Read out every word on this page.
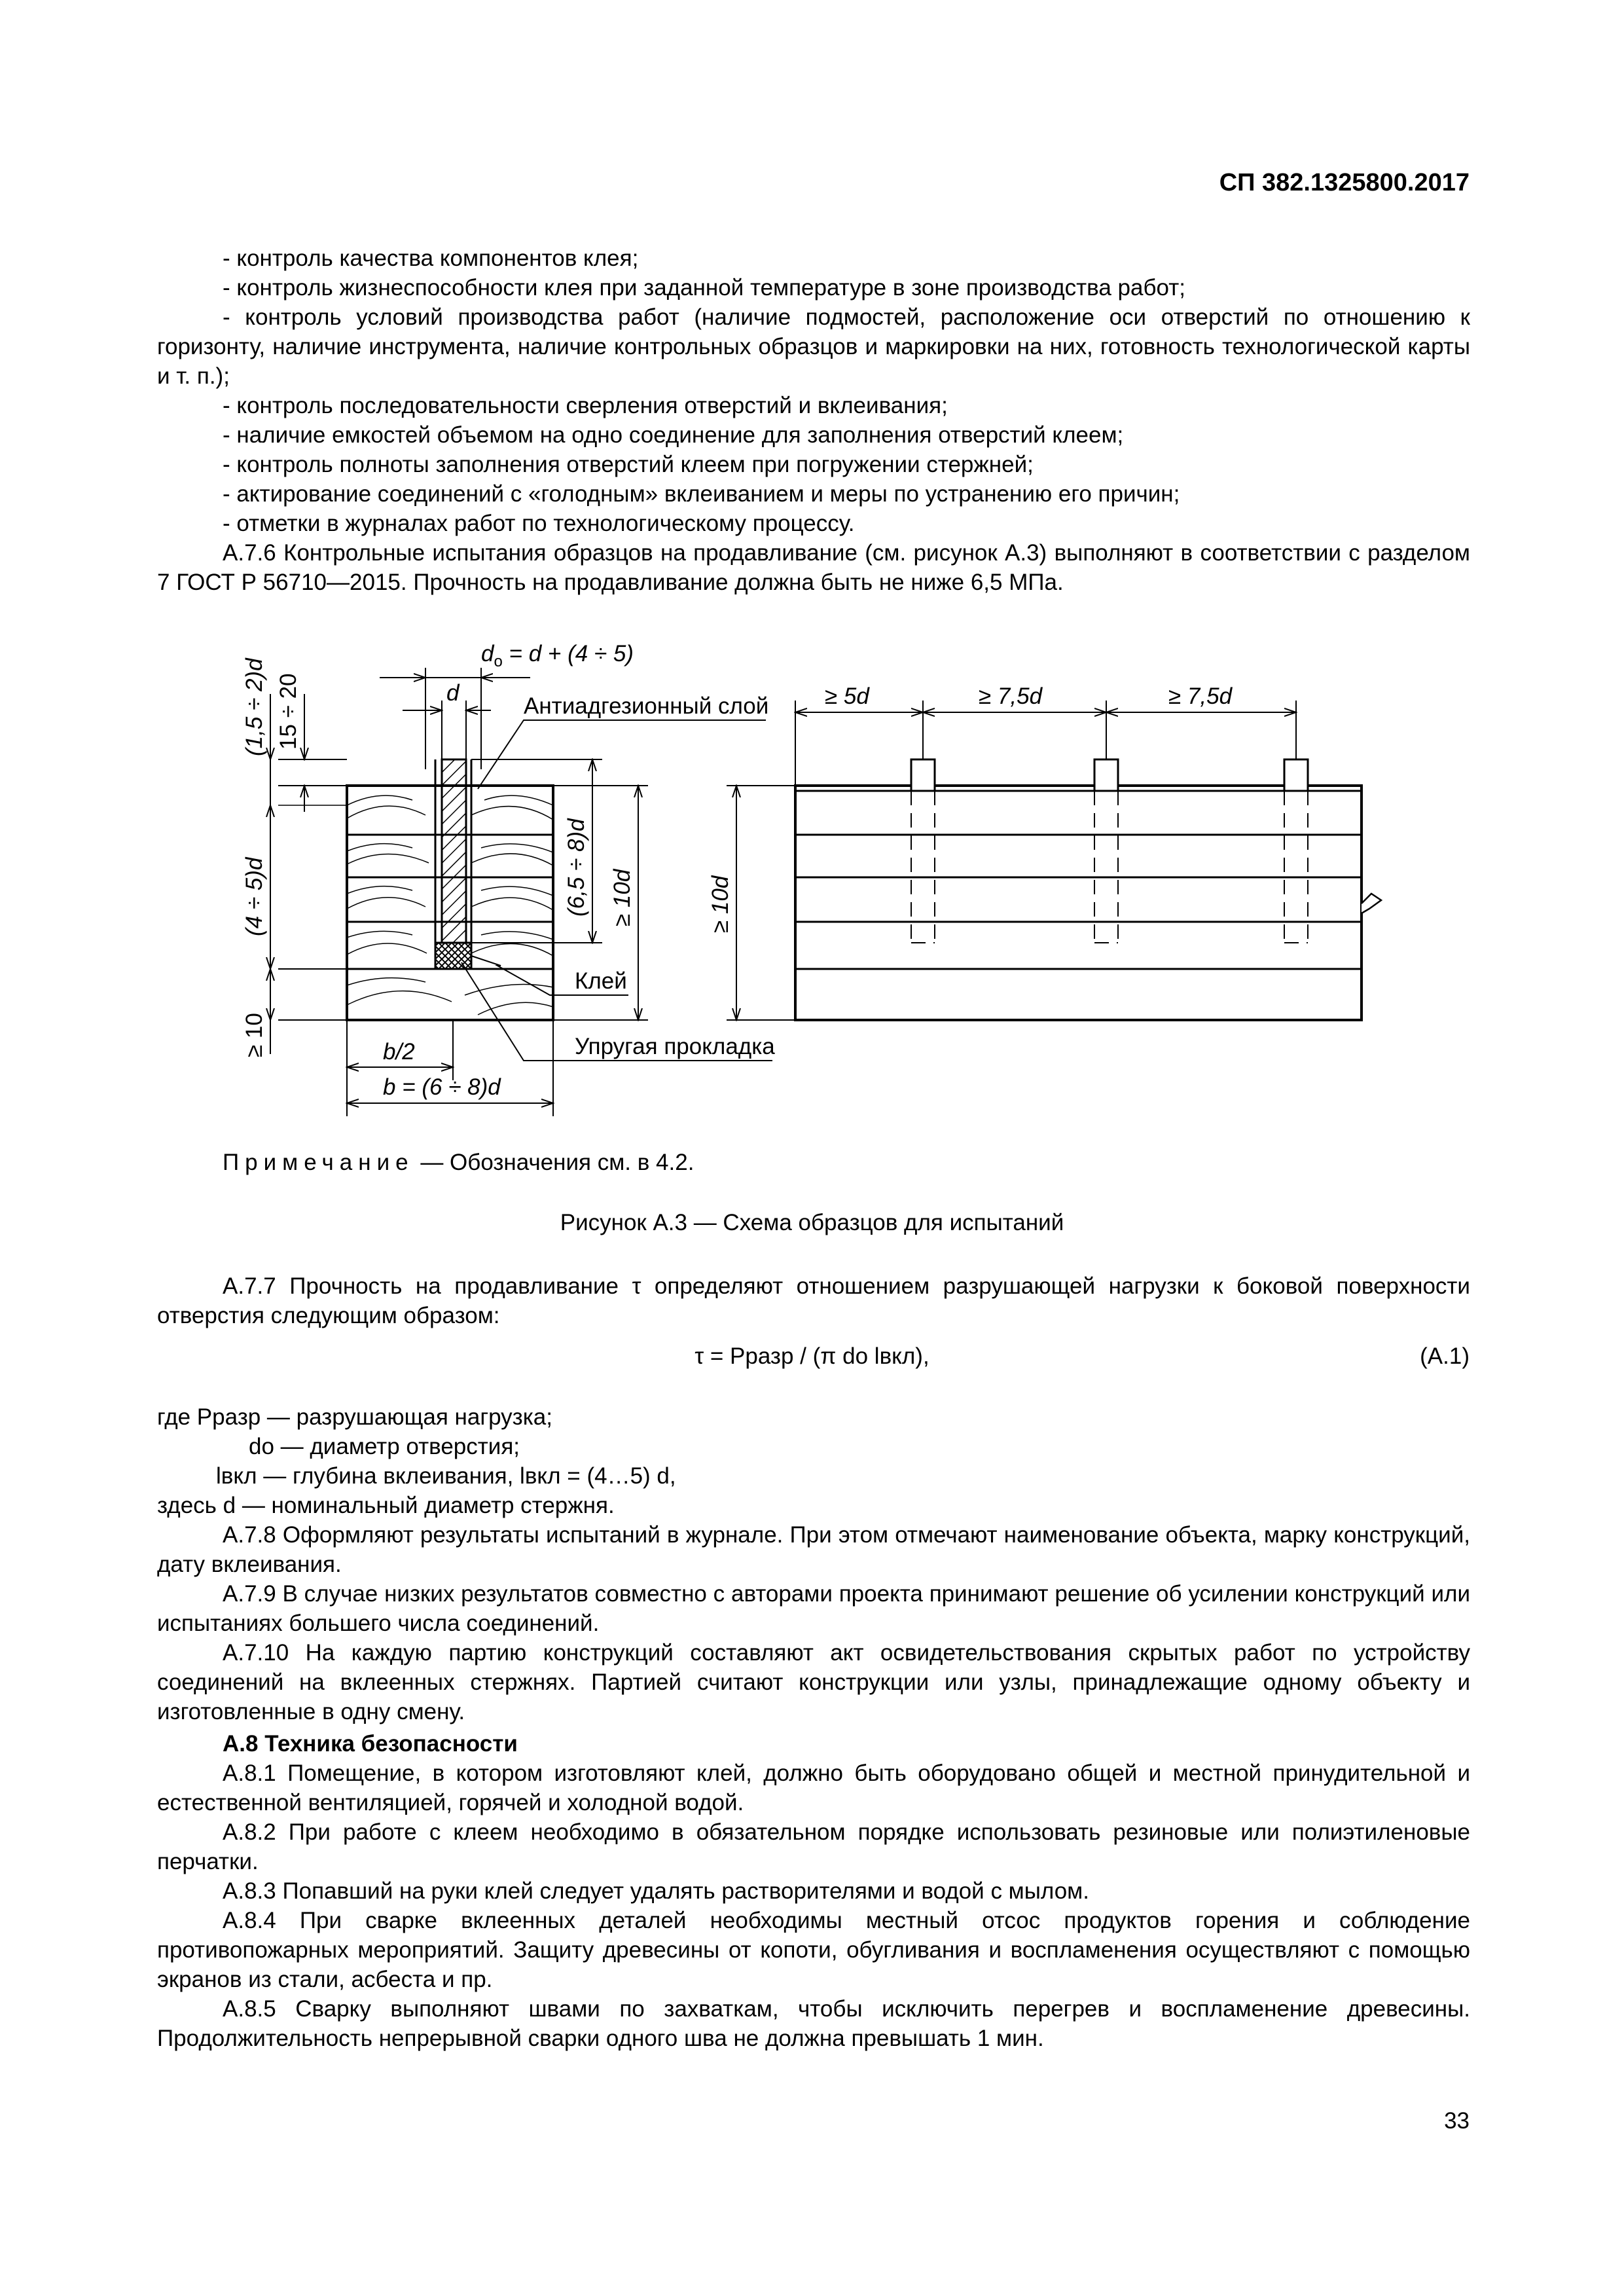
СП 382.1325800.2017

- контроль качества компонентов клея;

- контроль жизнеспособности клея при заданной температуре в зоне производства работ;

- контроль условий производства работ (наличие подмостей, расположение оси отверстий по отношению к горизонту, наличие инструмента, наличие контрольных образцов и маркировки на них, готовность технологической карты и т. п.);

- контроль последовательности сверления отверстий и вклеивания;

- наличие емкостей объемом на одно соединение для заполнения отверстий клеем;

- контроль полноты заполнения отверстий клеем при погружении стержней;

- актирование соединений с «голодным» вклеиванием и меры по устранению его причин;

- отметки в журналах работ по технологическому процессу.

А.7.6 Контрольные испытания образцов на продавливание (см. рисунок А.3) выполняют в соответствии с разделом 7 ГОСТ Р 56710—2015. Прочность на продавливание должна быть не ниже 6,5 МПа.

$d_o = d + (4 \div 5)$
d
Антиадгезионный слой
Клей
Упругая прокладка
b/2
b = (6 ÷ 8)d
(1,5 ÷ 2)d 15 ÷ 20
(4 ÷ 5)d
≥ 10
(6,5 ÷ 8)d ≥ 10d
≥ 5d	≥ 7,5d	≥ 7,5d
≥ 10d
Примечание — Обозначения см. в 4.2.
Рисунок А.3 — Схема образцов для испытаний

А.7.7 Прочность на продавливание τ определяют отношением разрушающей нагрузки к боковой поверхности отверстия следующим образом:

τ = Pразр / (π do lвкл),	(А.1)

где Pразр — разрушающая нагрузка;

do — диаметр отверстия;

lвкл — глубина вклеивания, lвкл = (4…5) d,

здесь d — номинальный диаметр стержня.

А.7.8 Оформляют результаты испытаний в журнале. При этом отмечают наименование объекта, марку конструкций, дату вклеивания.

А.7.9 В случае низких результатов совместно с авторами проекта принимают решение об усилении конструкций или испытаниях большего числа соединений.

А.7.10 На каждую партию конструкций составляют акт освидетельствования скрытых работ по устройству соединений на вклеенных стержнях. Партией считают конструкции или узлы, принадлежащие одному объекту и изготовленные в одну смену.

А.8 Техника безопасности

А.8.1 Помещение, в котором изготовляют клей, должно быть оборудовано общей и местной принудительной и естественной вентиляцией, горячей и холодной водой.

А.8.2 При работе с клеем необходимо в обязательном порядке использовать резиновые или полиэтиленовые перчатки.

А.8.3 Попавший на руки клей следует удалять растворителями и водой с мылом.

А.8.4 При сварке вклеенных деталей необходимы местный отсос продуктов горения и соблюдение противопожарных мероприятий. Защиту древесины от копоти, обугливания и воспламенения осуществляют с помощью экранов из стали, асбеста и пр.

А.8.5 Сварку выполняют швами по захваткам, чтобы исключить перегрев и воспламенение древесины. Продолжительность непрерывной сварки одного шва не должна превышать 1 мин.

33
